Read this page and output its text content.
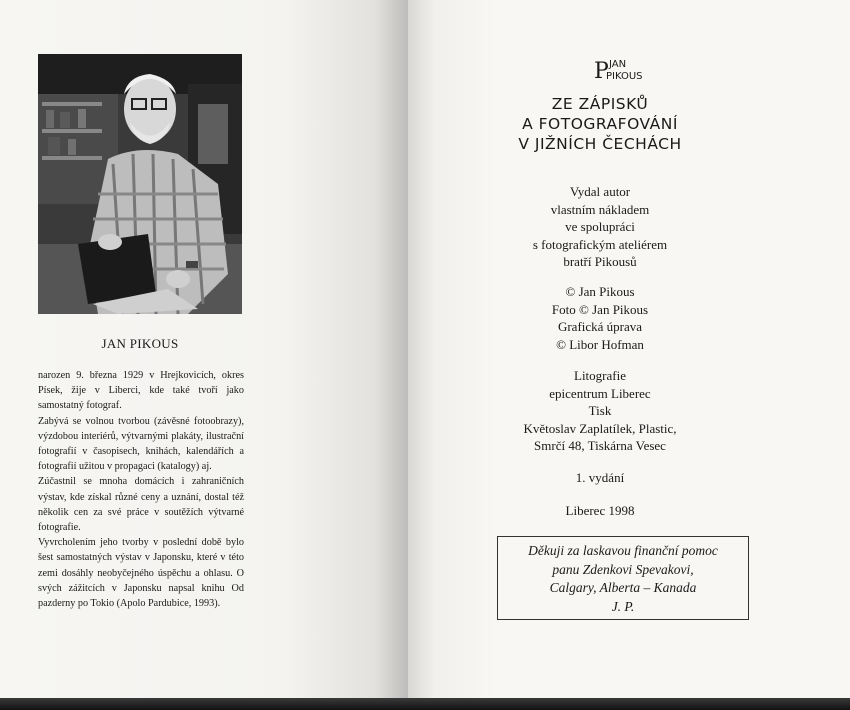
JAN PIKOUS

narozen 9. března 1929 v Hrejkovicích, okres Písek, žije v Liberci, kde také tvoří jako samostatný fotograf.

Zabývá se volnou tvorbou (závěsné fotoobrazy), výzdobou interiérů, výtvarnými plakáty, ilustrační fotografií v časopisech, knihách, kalendářích a fotografií užitou v propagaci (katalogy) aj.

Zúčastnil se mnoha domácích i zahraničních výstav, kde získal různé ceny a uznání, dostal též několik cen za své práce v soutěžích výtvarné fotografie.

Vyvrcholením jeho tvorby v poslední době bylo šest samostatných výstav v Japonsku, které v této zemi dosáhly neobyčejného úspěchu a ohlasu. O svých zážitcích v Japonsku napsal knihu Od pazderny po Tokio (Apolo Pardubice, 1993).

P JAN
PIKOUS
ZE ZÁPISKŮ
A FOTOGRAFOVÁNÍ
V JIŽNÍCH ČECHÁCH
Vydal autor
vlastním nákladem
ve spolupráci
s fotografickým ateliérem
bratří Pikousů
© Jan Pikous
Foto © Jan Pikous
Grafická úprava
© Libor Hofman
Litografie
epicentrum Liberec
Tisk
Květoslav Zaplatílek, Plastic,
Smrčí 48, Tiskárna Vesec
1. vydání
Liberec 1998
Děkuji za laskavou finanční pomoc
panu Zdenkovi Spevakovi,
Calgary, Alberta – Kanada
J. P.
